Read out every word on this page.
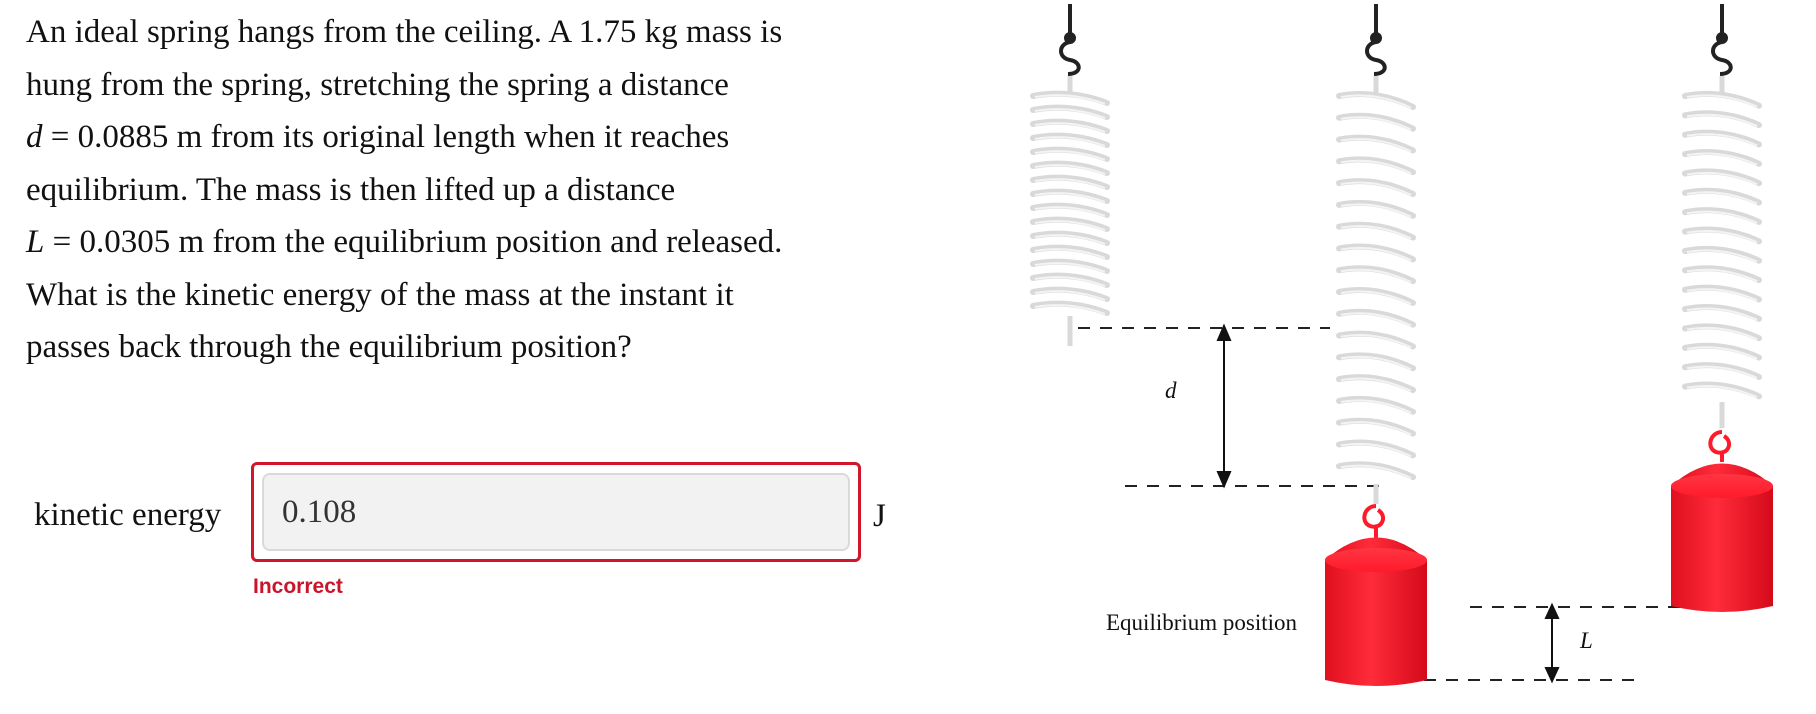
An ideal spring hangs from the ceiling. A 1.75 kg mass is

hung from the spring, stretching the spring a distance

d = 0.0885 m from its original length when it reaches

equilibrium. The mass is then lifted up a distance

L = 0.0305 m from the equilibrium position and released.

What is the kinetic energy of the mass at the instant it

passes back through the equilibrium position?

kinetic energy
0.108	J
Incorrect
d
L
Equilibrium position
